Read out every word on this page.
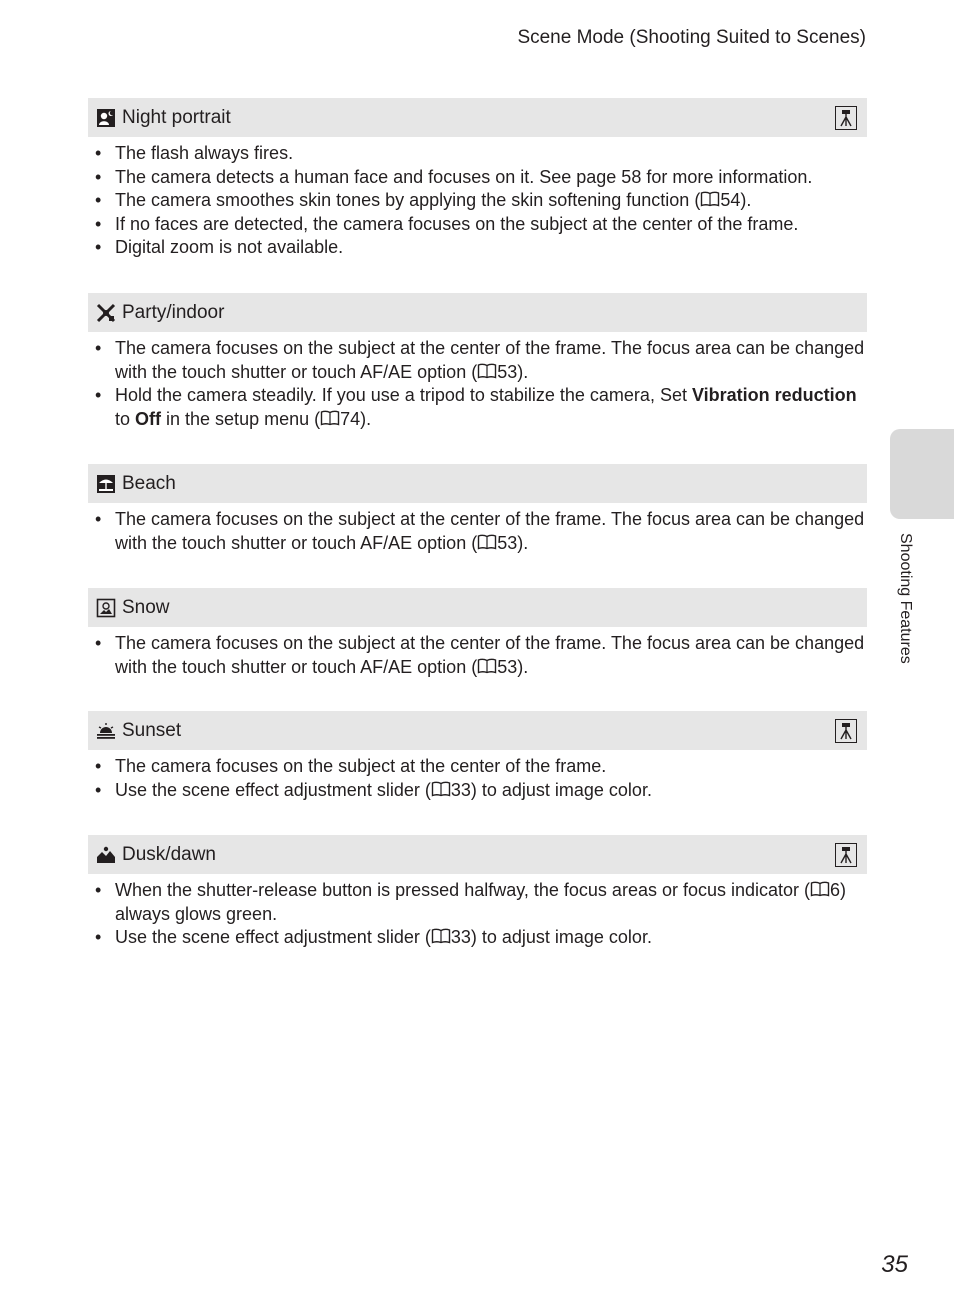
Scene Mode (Shooting Suited to Scenes)
Shooting Features
Night portrait
• The flash always fires.
• The camera detects a human face and focuses on it. See page 58 for more information.
• The camera smoothes skin tones by applying the skin softening function ( 54).
• If no faces are detected, the camera focuses on the subject at the center of the frame.
• Digital zoom is not available.
Party/indoor
• The camera focuses on the subject at the center of the frame. The focus area can be changed with the touch shutter or touch AF/AE option ( 53).
• Hold the camera steadily. If you use a tripod to stabilize the camera, Set Vibration reduction to Off in the setup menu ( 74).
Beach
• The camera focuses on the subject at the center of the frame. The focus area can be changed with the touch shutter or touch AF/AE option ( 53).
Snow
• The camera focuses on the subject at the center of the frame. The focus area can be changed with the touch shutter or touch AF/AE option ( 53).
Sunset
• The camera focuses on the subject at the center of the frame.
• Use the scene effect adjustment slider ( 33) to adjust image color.
Dusk/dawn
• When the shutter-release button is pressed halfway, the focus areas or focus indicator ( 6) always glows green.
• Use the scene effect adjustment slider ( 33) to adjust image color.
35
